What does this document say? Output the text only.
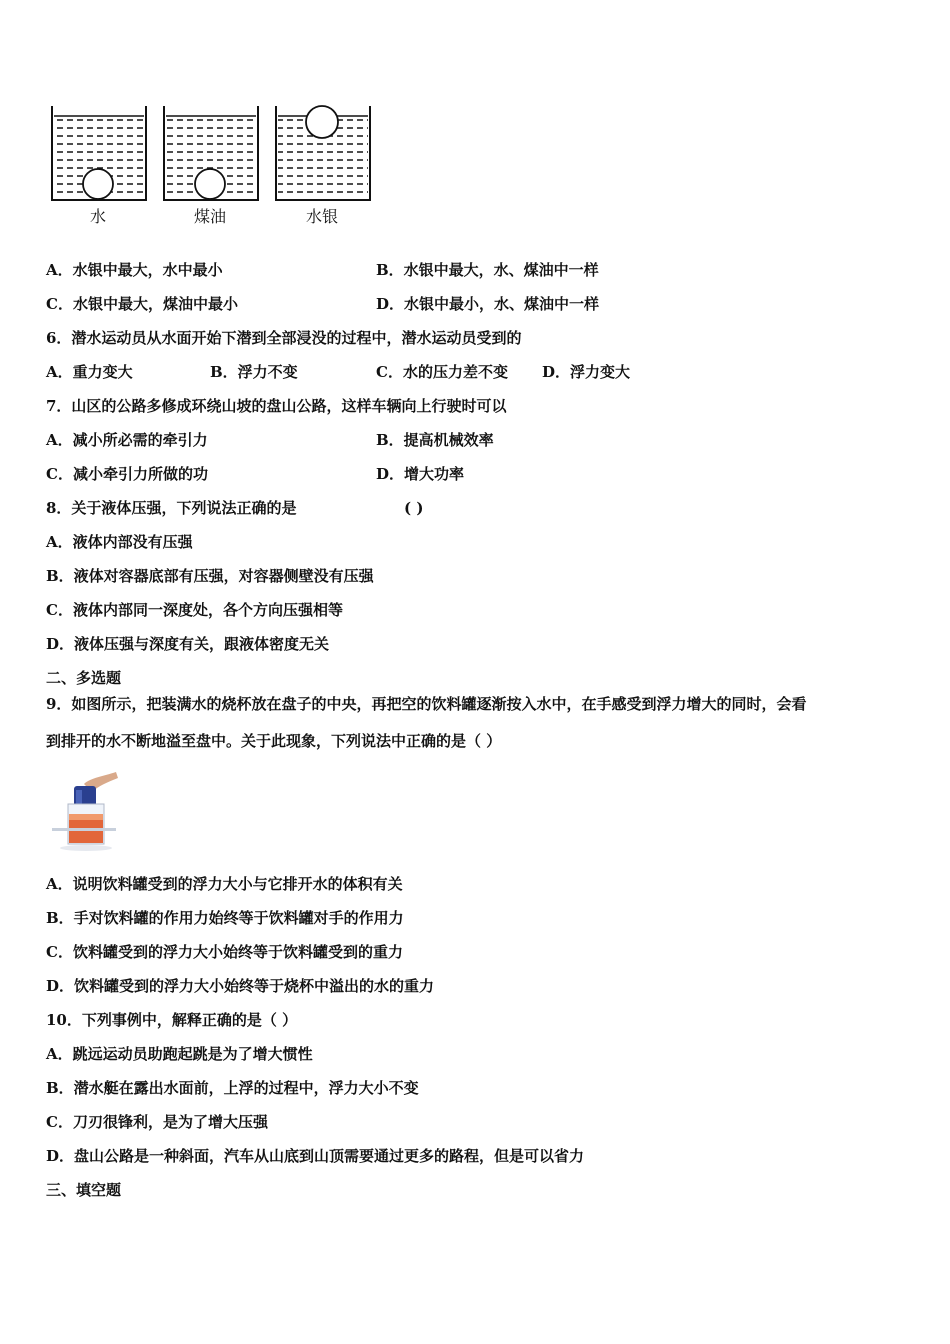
水	煤油	水银
A．水银中最大，水中最小	B．水银中最大，水、煤油中一样
C．水银中最大，煤油中最小	D．水银中最小，水、煤油中一样
6．潜水运动员从水面开始下潜到全部浸没的过程中，潜水运动员受到的
A．重力变大	B．浮力不变	C．水的压力差不变 D．浮力变大
7．山区的公路多修成环绕山坡的盘山公路，这样车辆向上行驶时可以
A．减小所必需的牵引力	B．提高机械效率
C．减小牵引力所做的功	D．增大功率
8．关于液体压强，下列说法正确的是	( )
A．液体内部没有压强
B．液体对容器底部有压强，对容器侧壁没有压强
C．液体内部同一深度处，各个方向压强相等
D．液体压强与深度有关，跟液体密度无关
二、多选题
9．如图所示，把装满水的烧杯放在盘子的中央，再把空的饮料罐逐渐按入水中，在手感受到浮力增大的同时，会看
到排开的水不断地溢至盘中。关于此现象，下列说法中正确的是（ ）
A．说明饮料罐受到的浮力大小与它排开水的体积有关
B．手对饮料罐的作用力始终等于饮料罐对手的作用力
C．饮料罐受到的浮力大小始终等于饮料罐受到的重力
D．饮料罐受到的浮力大小始终等于烧杯中溢出的水的重力
10．下列事例中，解释正确的是（ ）
A．跳远运动员助跑起跳是为了增大惯性
B．潜水艇在露出水面前，上浮的过程中，浮力大小不变
C．刀刃很锋利，是为了增大压强
D．盘山公路是一种斜面，汽车从山底到山顶需要通过更多的路程，但是可以省力
三、填空题
